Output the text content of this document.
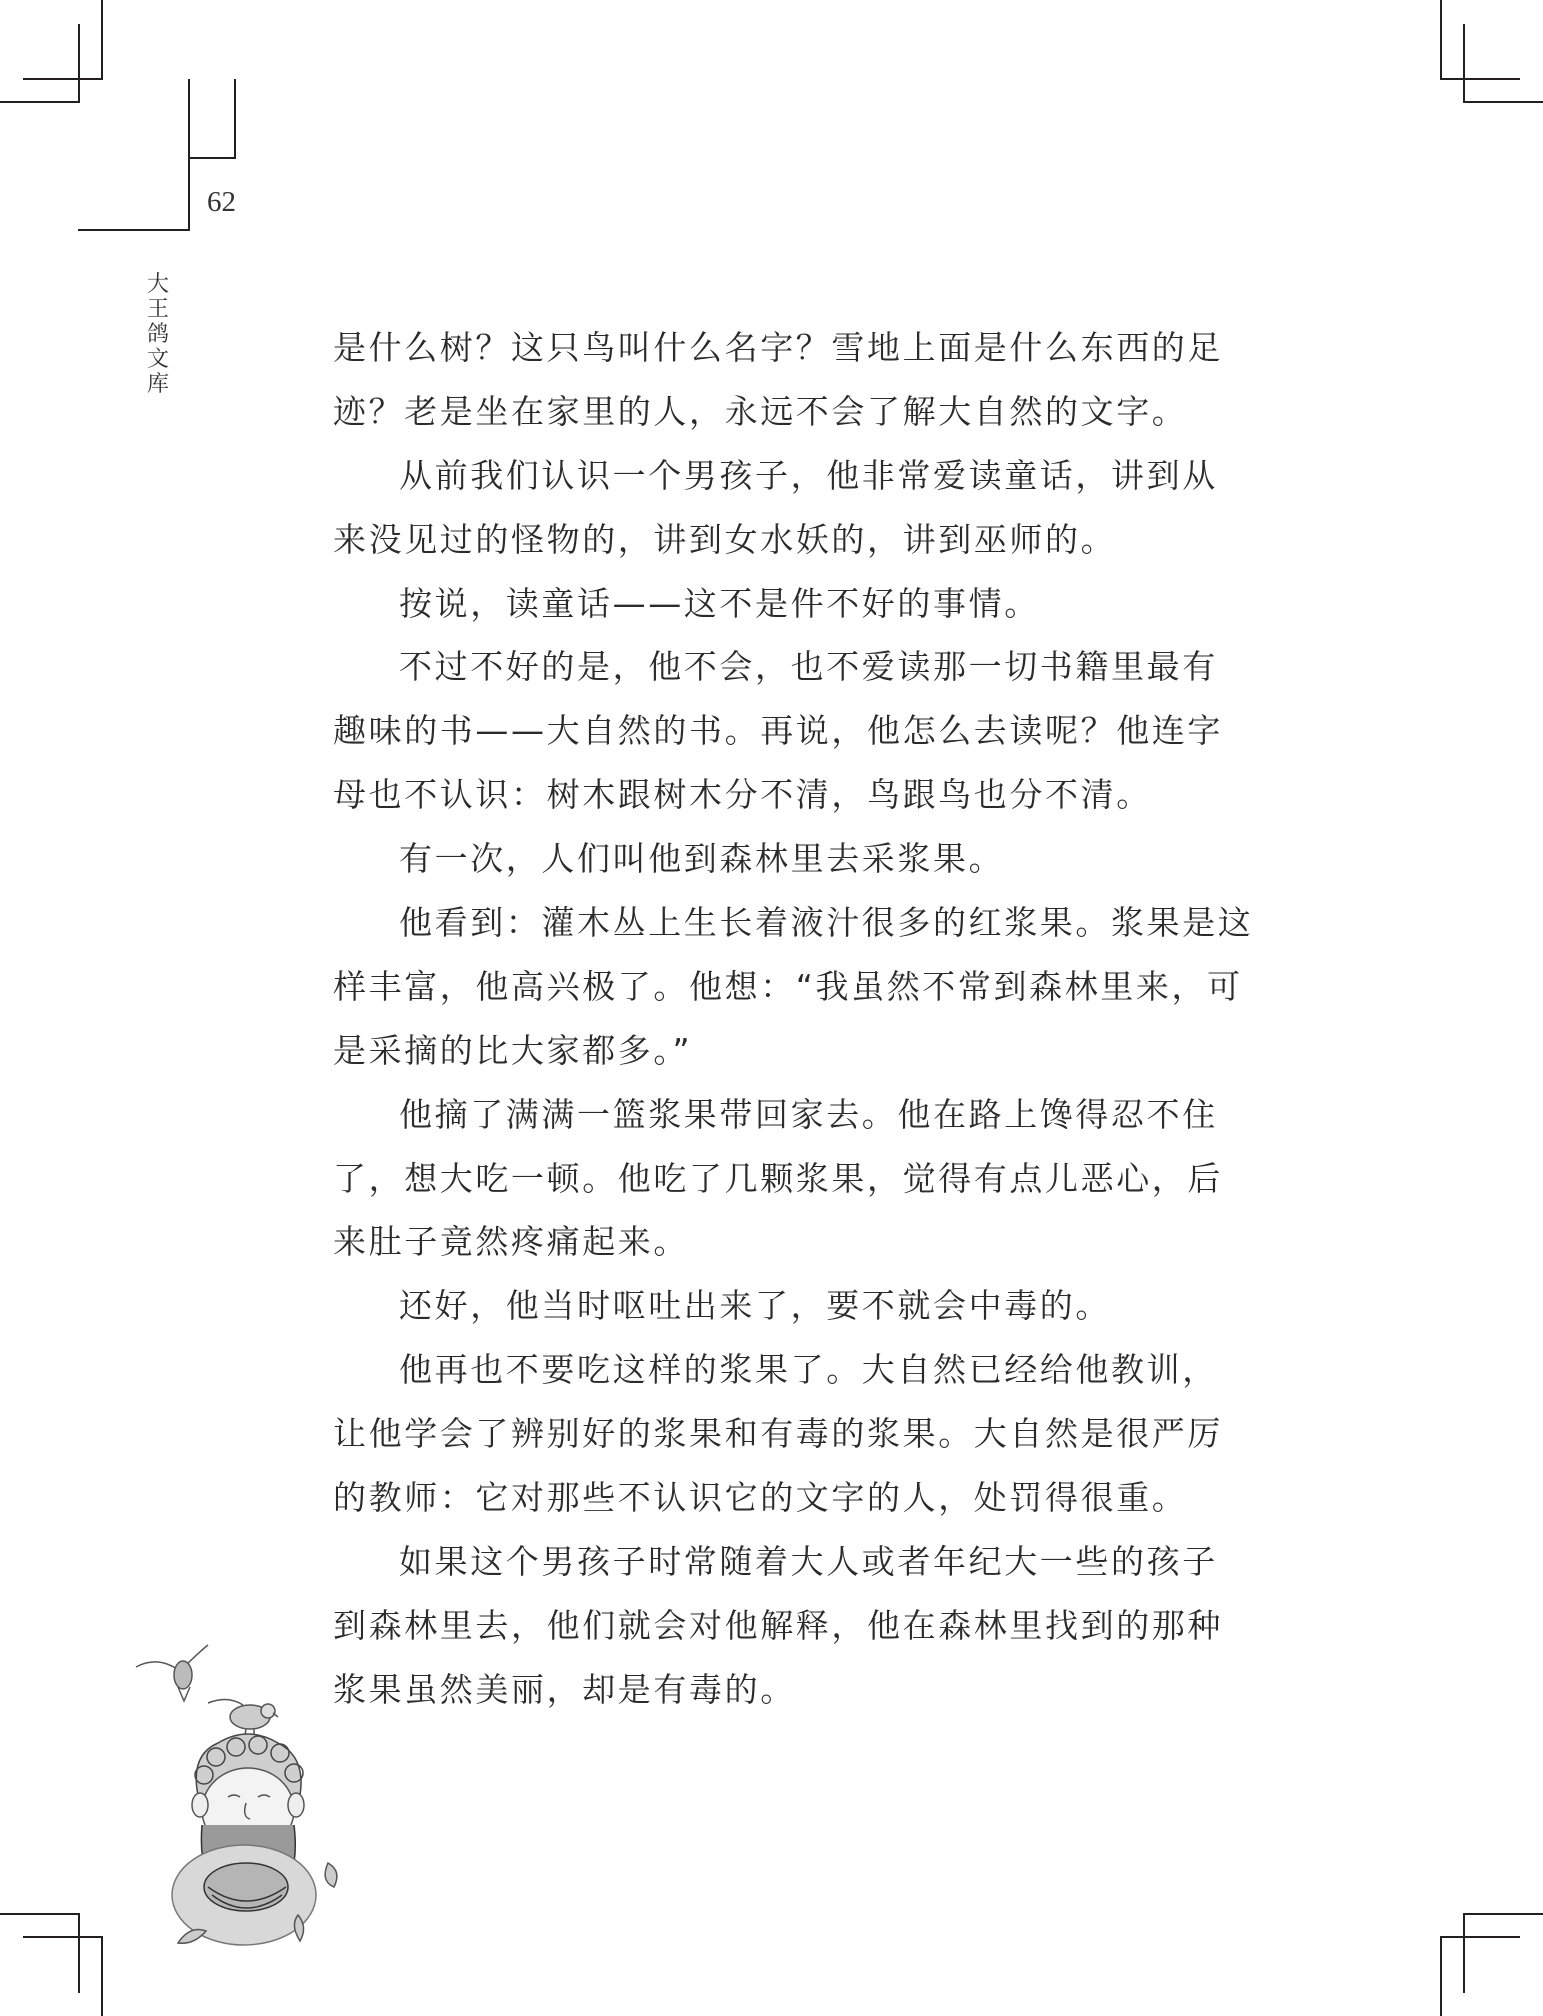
62
大
王
鸽
文
库
是什么树？这只鸟叫什么名字？雪地上面是什么东西的足
迹？老是坐在家里的人，永远不会了解大自然的文字。
从前我们认识一个男孩子，他非常爱读童话，讲到从
来没见过的怪物的，讲到女水妖的，讲到巫师的。
按说，读童话——这不是件不好的事情。
不过不好的是，他不会，也不爱读那一切书籍里最有
趣味的书——大自然的书。再说，他怎么去读呢？他连字
母也不认识：树木跟树木分不清，鸟跟鸟也分不清。
有一次，人们叫他到森林里去采浆果。
他看到：灌木丛上生长着液汁很多的红浆果。浆果是这
样丰富，他高兴极了。他想：“我虽然不常到森林里来，可
是采摘的比大家都多。”
他摘了满满一篮浆果带回家去。他在路上馋得忍不住
了，想大吃一顿。他吃了几颗浆果，觉得有点儿恶心，后
来肚子竟然疼痛起来。
还好，他当时呕吐出来了，要不就会中毒的。
他再也不要吃这样的浆果了。大自然已经给他教训，
让他学会了辨别好的浆果和有毒的浆果。大自然是很严厉
的教师：它对那些不认识它的文字的人，处罚得很重。
如果这个男孩子时常随着大人或者年纪大一些的孩子
到森林里去，他们就会对他解释，他在森林里找到的那种
浆果虽然美丽，却是有毒的。
